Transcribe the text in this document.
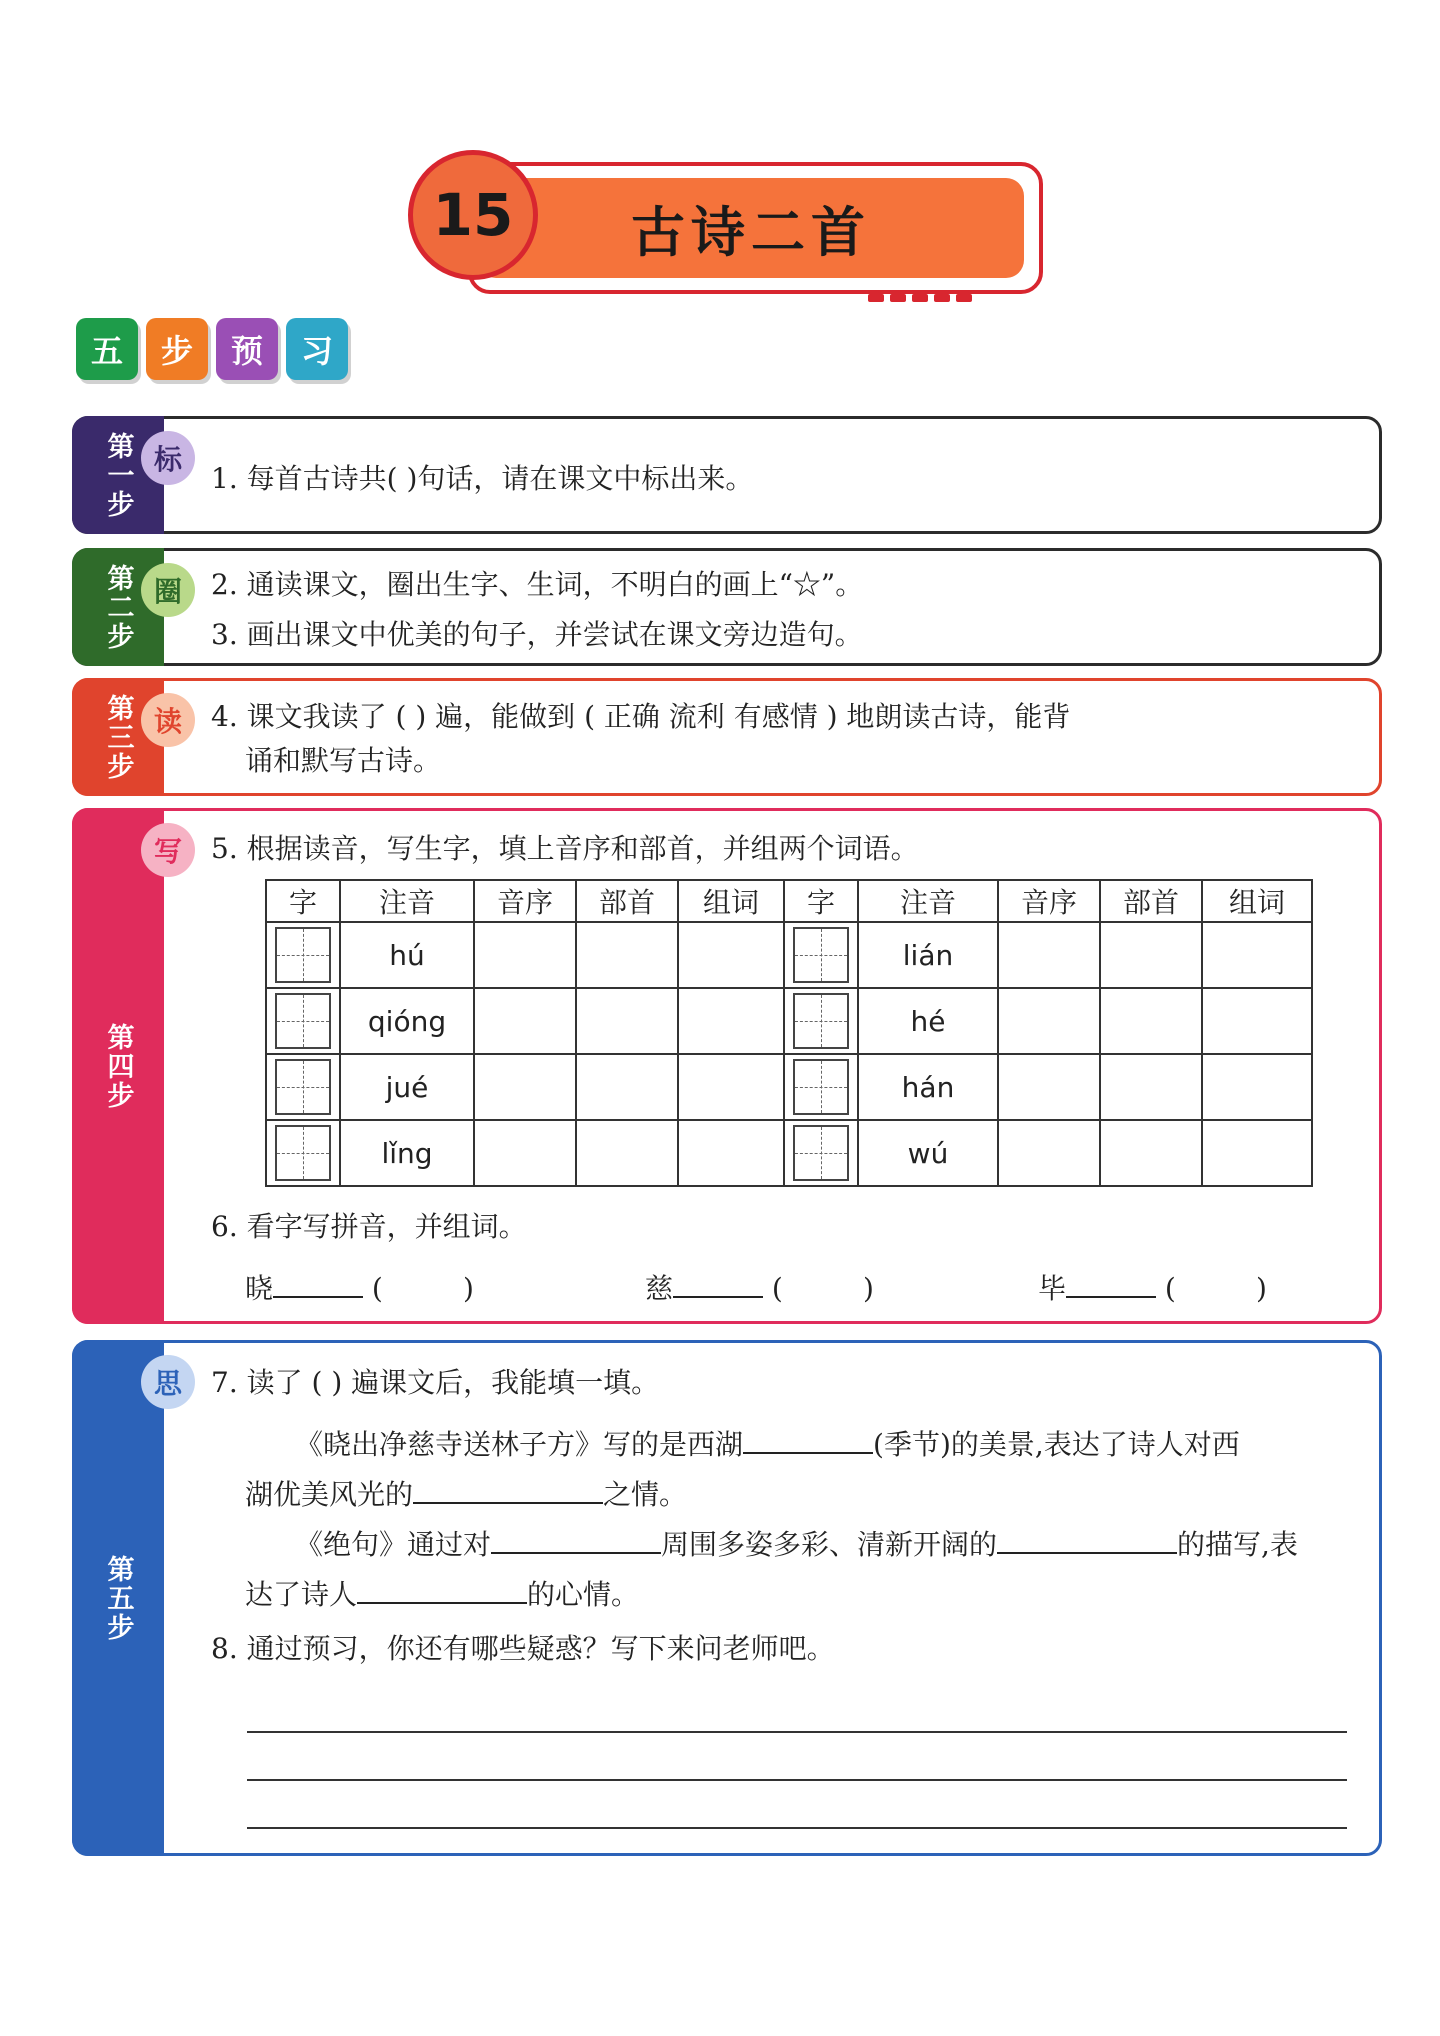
15	古诗二首
五	步	预	习
第一步 标
1. 每首古诗共( )句话，请在课文中标出来。
第二步 圈	2. 通读课文，圈出生字、生词，不明白的画上“☆”。
3. 画出课文中优美的句子，并尝试在课文旁边造句。
第三步 读	4. 课文我读了 ( ) 遍，能做到 ( 正确 流利 有感情 ) 地朗读古诗，能背
诵和默写古诗。
第四步
写	5. 根据读音，写生字，填上音序和部首，并组两个词语。
字	注音	音序	部首	组词	字	注音	音序	部首	组词

	hú					lián			

	qióng					hé			

	jué					hán			

	lǐng					wú			
6. 看字写拼音，并组词。
晓	(         )	慈	(         )	毕	(         )
第五步
思	7. 读了 ( ) 遍课文后，我能填一填。
《晓出净慈寺送林子方》写的是西湖	(季节)的美景,表达了诗人对西
湖优美风光的	之情。
《绝句》通过对	周围多姿多彩、清新开阔的	的描写,表
达了诗人	的心情。
8. 通过预习，你还有哪些疑惑？写下来问老师吧。
